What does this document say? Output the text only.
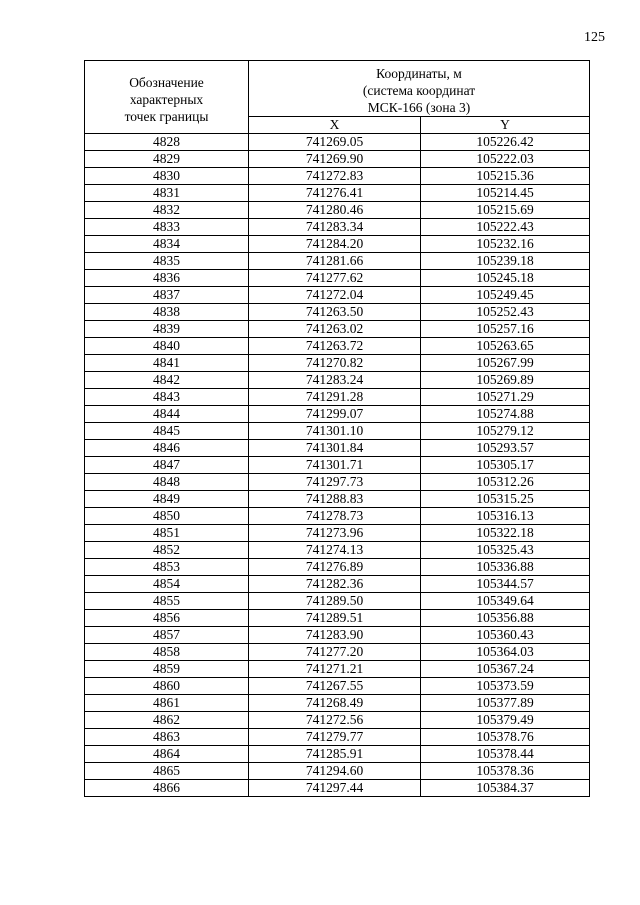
125
Обозначение
характерных
точек границы	Координаты, м
(система координат
МСК-166 (зона 3)	

	X	Y
4828	741269.05	105226.42
4829	741269.90	105222.03
4830	741272.83	105215.36
4831	741276.41	105214.45
4832	741280.46	105215.69
4833	741283.34	105222.43
4834	741284.20	105232.16
4835	741281.66	105239.18
4836	741277.62	105245.18
4837	741272.04	105249.45
4838	741263.50	105252.43
4839	741263.02	105257.16
4840	741263.72	105263.65
4841	741270.82	105267.99
4842	741283.24	105269.89
4843	741291.28	105271.29
4844	741299.07	105274.88
4845	741301.10	105279.12
4846	741301.84	105293.57
4847	741301.71	105305.17
4848	741297.73	105312.26
4849	741288.83	105315.25
4850	741278.73	105316.13
4851	741273.96	105322.18
4852	741274.13	105325.43
4853	741276.89	105336.88
4854	741282.36	105344.57
4855	741289.50	105349.64
4856	741289.51	105356.88
4857	741283.90	105360.43
4858	741277.20	105364.03
4859	741271.21	105367.24
4860	741267.55	105373.59
4861	741268.49	105377.89
4862	741272.56	105379.49
4863	741279.77	105378.76
4864	741285.91	105378.44
4865	741294.60	105378.36
4866	741297.44	105384.37
